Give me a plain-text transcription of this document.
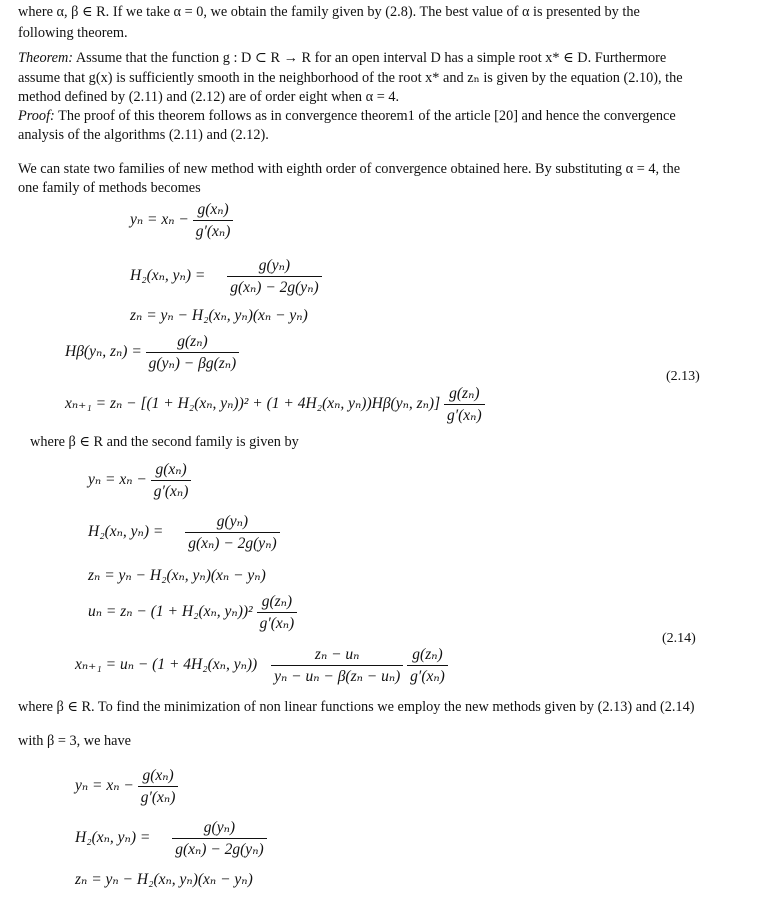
where α, β ∈ R. If we take α = 0, we obtain the family given by (2.8). The best value of α is presented by the

following theorem.

Theorem: Assume that the function g : D ⊂ R → R for an open interval D has a simple root x* ∈ D. Furthermore

assume that g(x) is sufficiently smooth in the neighborhood of the root x* and zₙ is given by the equation (2.10), the

method defined by (2.11) and (2.12) are of order eight when α = 4.

Proof: The proof of this theorem follows as in convergence theorem1 of the article [20] and hence the convergence

analysis of the algorithms (2.11) and (2.12).

We can state two families of new method with eighth order of convergence obtained here. By substituting α = 4, the

one family of methods becomes

$y_n = x_n - \frac{\text{g(xₙ)}}{\text{g′(xₙ)}}$
H₂(xₙ, $y_n) = \frac{\text{g(yₙ)}}{\text{g(xₙ) − 2g(yₙ)}}$
zₙ = yₙ − H₂(xₙ, yₙ)(xₙ − yₙ)
Hβ(yₙ, $z_n) = \frac{\text{g(zₙ)}}{\text{g(yₙ) − βg(zₙ)}}$
(2.13)
xₙ₊₁ = zₙ − [(1 + H₂(xₙ, yₙ))² + (1 + 4H₂(xₙ, yₙ))Hβ(yₙ, $z_n)] \frac{\text{g(zₙ)}}{\text{g′(xₙ)}}$

where β ∈ R and the second family is given by

$y_n = x_n - \frac{\text{g(xₙ)}}{\text{g′(xₙ)}}$
H₂(xₙ, $y_n) = \frac{\text{g(yₙ)}}{\text{g(xₙ) − 2g(yₙ)}}$
zₙ = yₙ − H₂(xₙ, yₙ)(xₙ − yₙ)
uₙ = zₙ − (1 + H₂(xₙ, $y_n))^2 \frac{\text{g(zₙ)}}{\text{g′(xₙ)}}$
(2.14)
xₙ₊₁ = uₙ − (1 + 4H₂(xₙ, $y_n)) \frac{\text{zₙ − uₙ}}{\text{yₙ − uₙ − β(zₙ − uₙ)}}$
$\frac{\text{g(zₙ)}}{\text{g′(xₙ)}}$

where β ∈ R. To find the minimization of non linear functions we employ the new methods given by (2.13) and (2.14)

with β = 3, we have

$y_n = x_n - \frac{\text{g(xₙ)}}{\text{g′(xₙ)}}$
H₂(xₙ, $y_n) = \frac{\text{g(yₙ)}}{\text{g(xₙ) − 2g(yₙ)}}$
zₙ = yₙ − H₂(xₙ, yₙ)(xₙ − yₙ)
